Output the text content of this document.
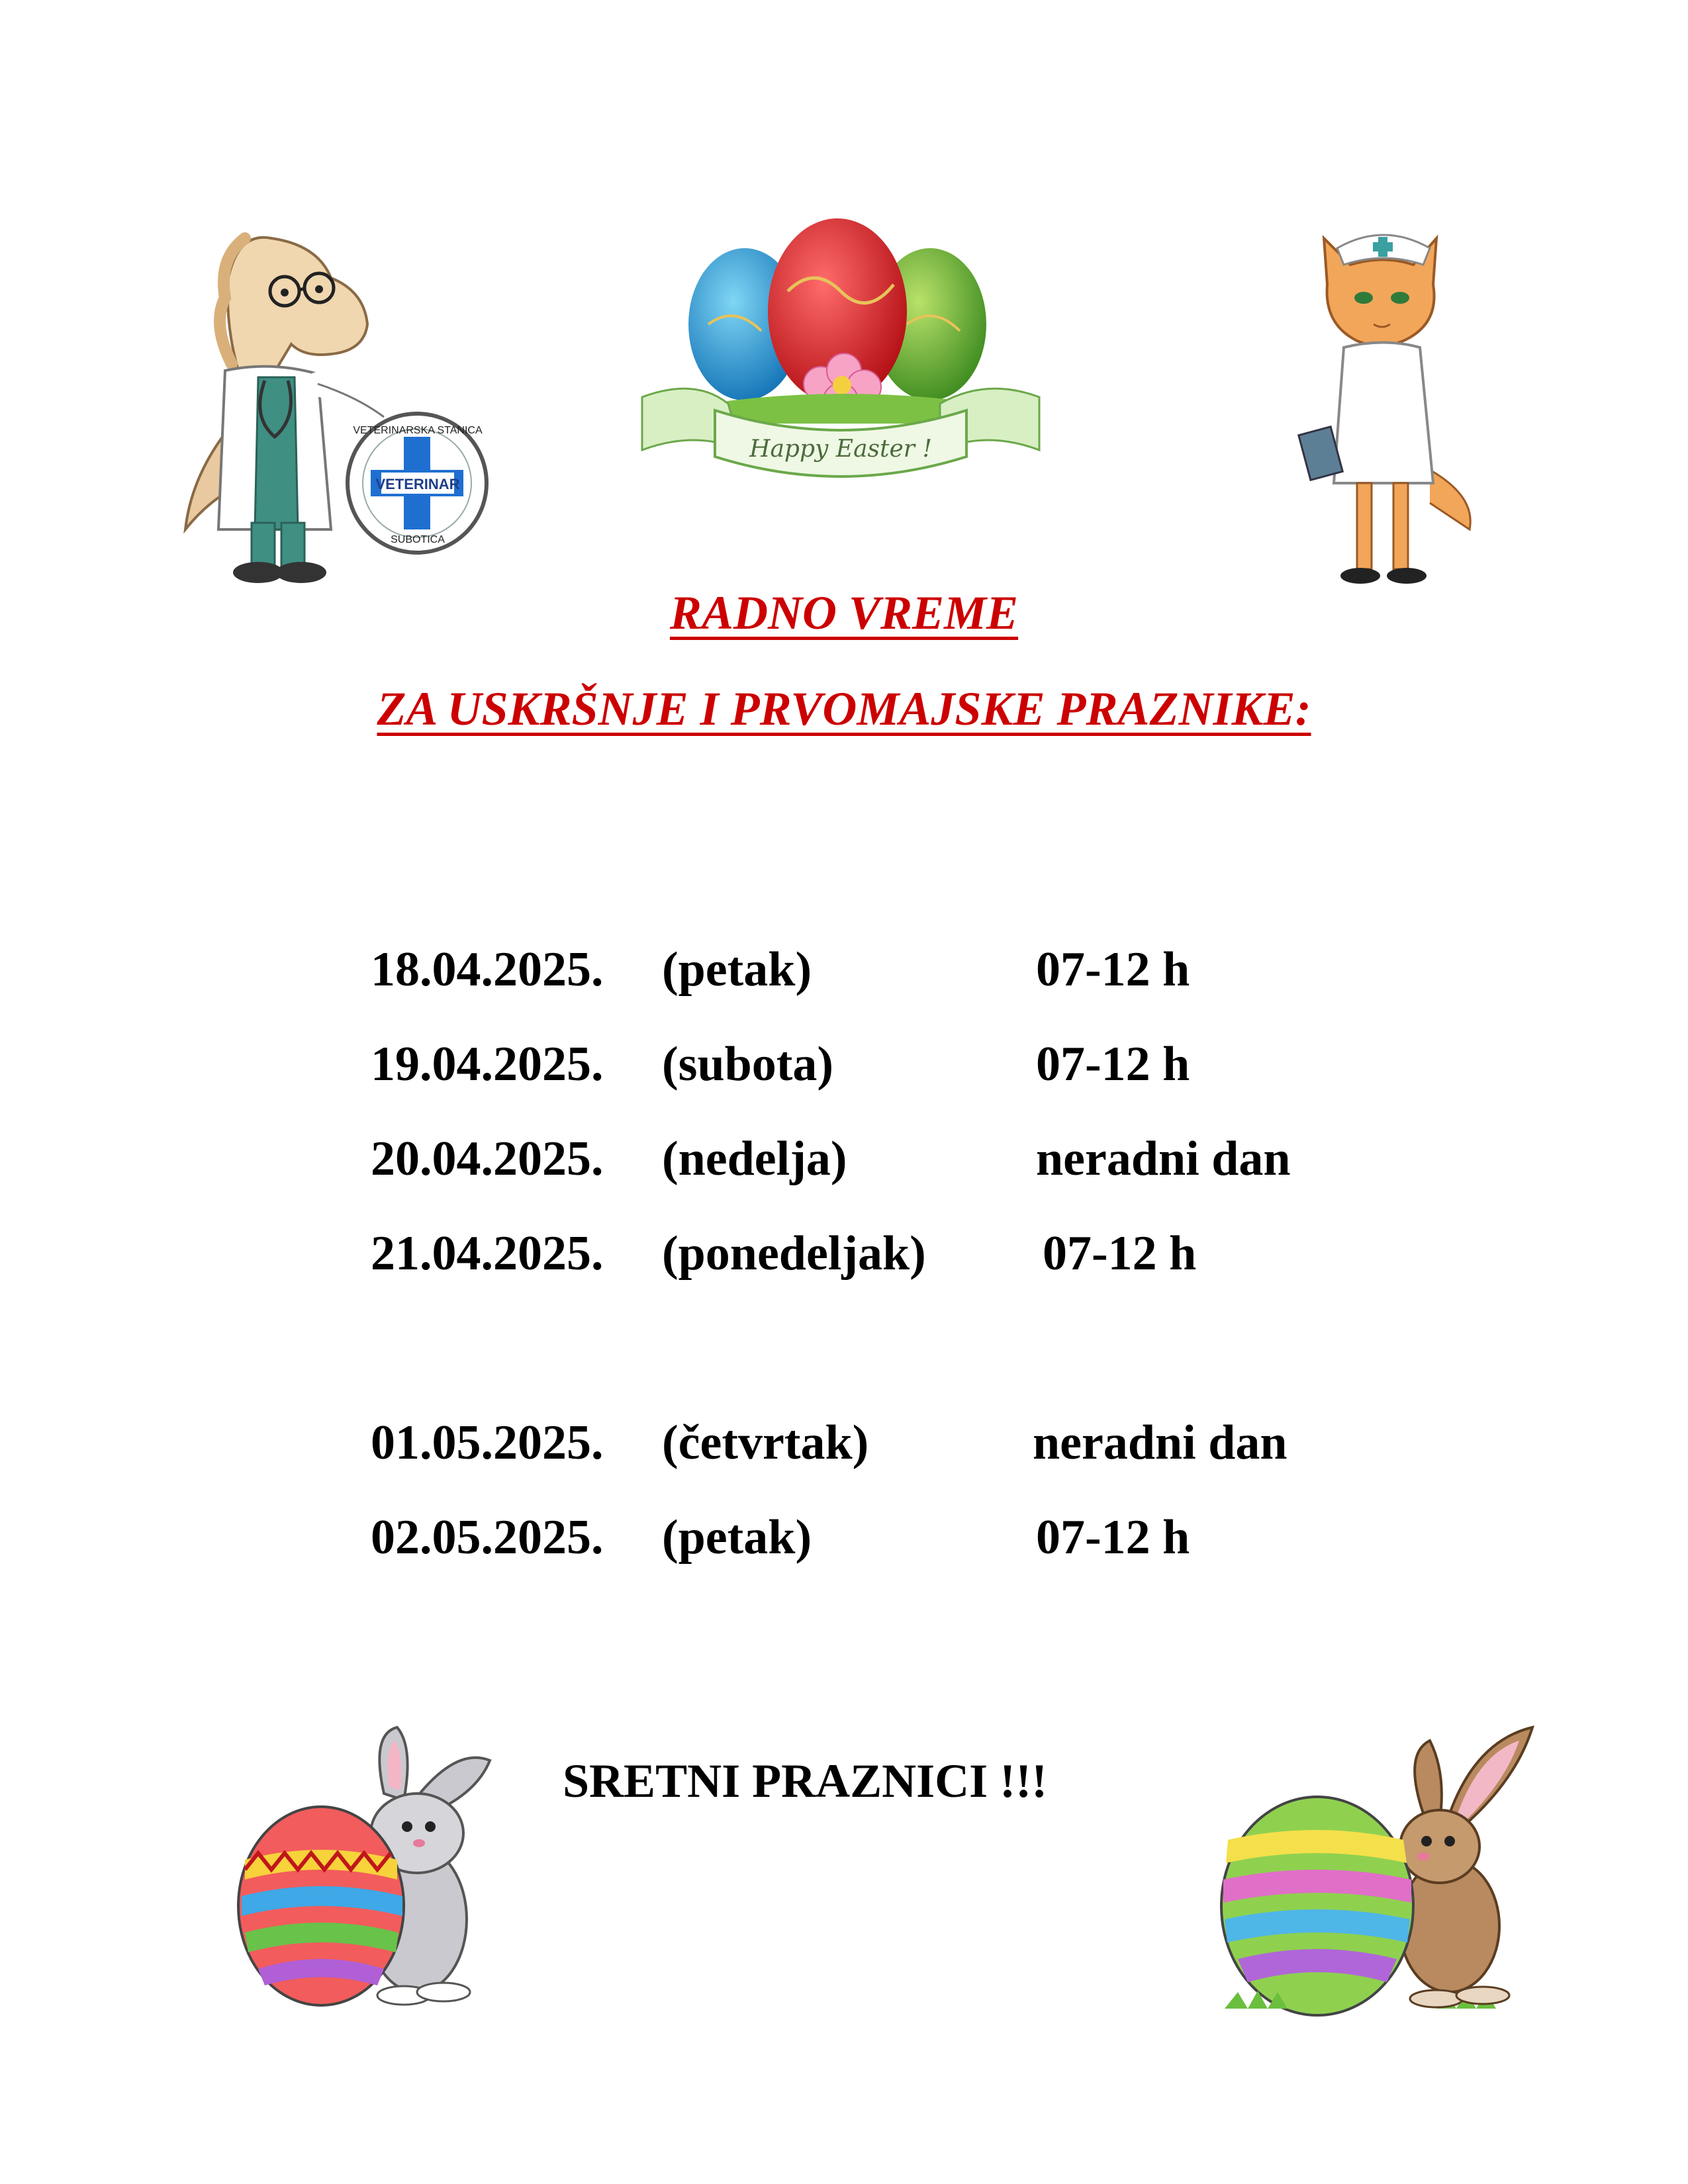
VETERINAR
VETERINARSKA STANICA
SUBOTICA
Happy Easter !
RADNO VREME
ZA USKRŠNJE I PRVOMAJSKE PRAZNIKE:
18.04.2025. (petak)	07-12 h
19.04.2025. (subota)	07-12 h
20.04.2025. (nedelja)	neradni dan
21.04.2025. (ponedeljak) 07-12 h
01.05.2025. (četvrtak)	neradni dan
02.05.2025. (petak)	07-12 h
SRETNI PRAZNICI !!!
